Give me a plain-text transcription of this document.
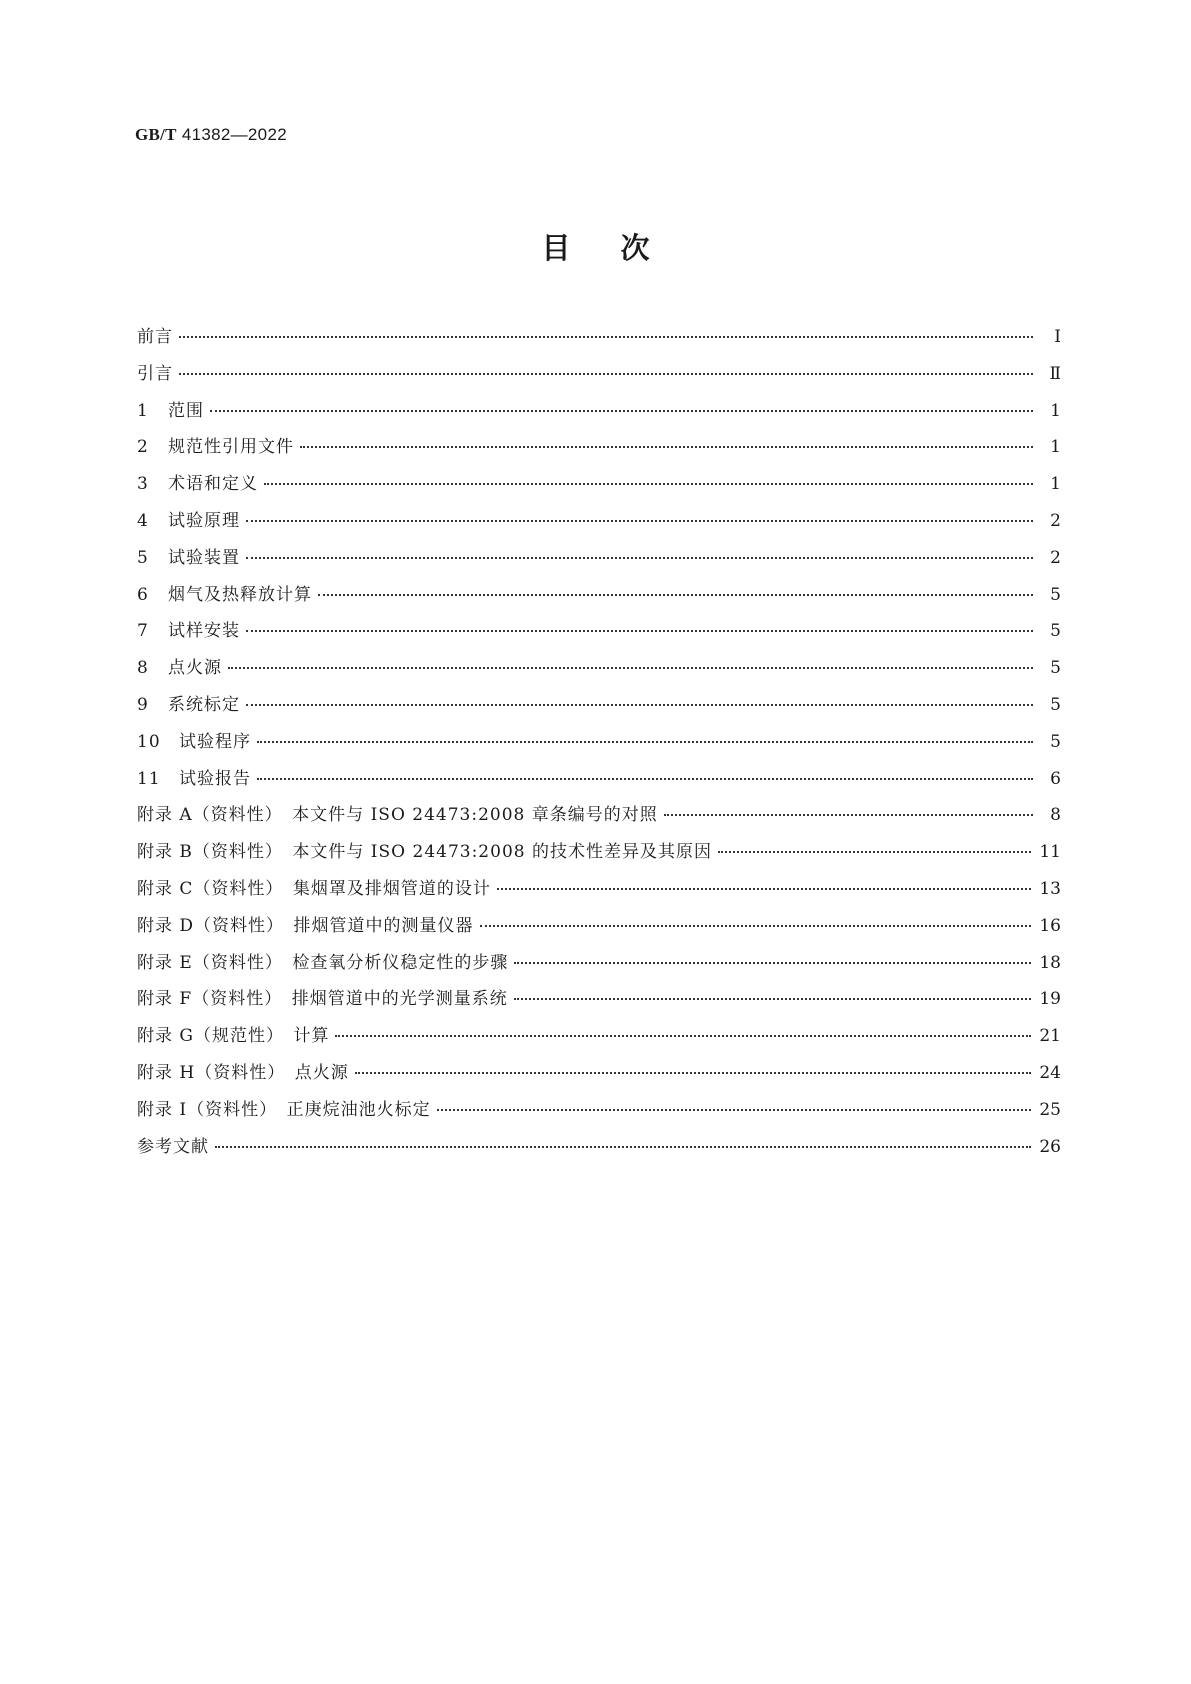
GB/T 41382—2022
目次
前言	Ⅰ
引言	Ⅱ
1 范围	1
2 规范性引用文件	1
3 术语和定义	1
4 试验原理	2
5 试验装置	2
6 烟气及热释放计算	5
7 试样安装	5
8 点火源	5
9 系统标定	5
10 试验程序	5
11 试验报告	6
附录 A（资料性）　本文件与 ISO 24473:2008 章条编号的对照	8
附录 B（资料性）　本文件与 ISO 24473:2008 的技术性差异及其原因	11
附录 C（资料性）　集烟罩及排烟管道的设计	13
附录 D（资料性）　排烟管道中的测量仪器	16
附录 E（资料性）　检查氧分析仪稳定性的步骤	18
附录 F（资料性）　排烟管道中的光学测量系统	19
附录 G（规范性）　计算	21
附录 H（资料性）　点火源	24
附录 I（资料性）　正庚烷油池火标定	25
参考文献	26
